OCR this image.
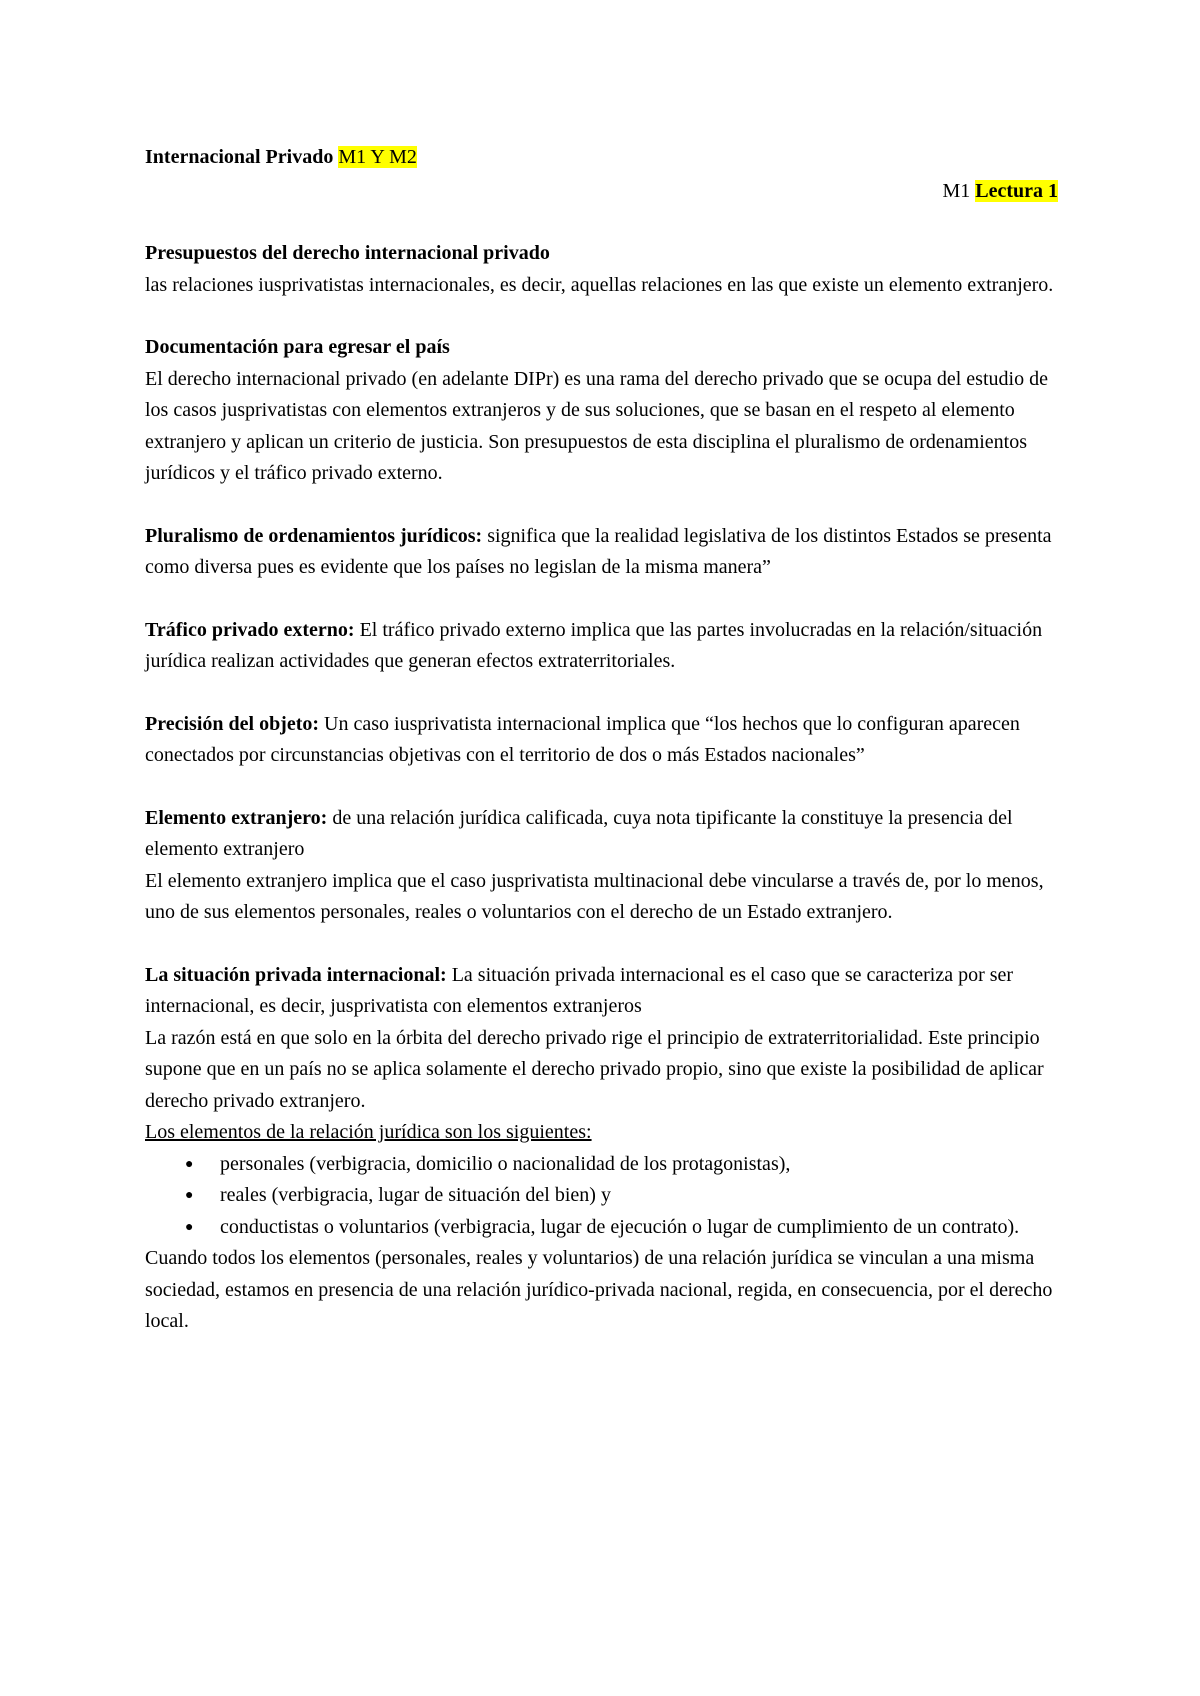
Internacional Privado M1 Y M2

M1 Lectura 1

Presupuestos del derecho internacional privado

las relaciones iusprivatistas internacionales, es decir, aquellas relaciones en las que existe un elemento extranjero.

Documentación para egresar el país

El derecho internacional privado (en adelante DIPr) es una rama del derecho privado que se ocupa del estudio de los casos jusprivatistas con elementos extranjeros y de sus soluciones, que se basan en el respeto al elemento extranjero y aplican un criterio de justicia. Son presupuestos de esta disciplina el pluralismo de ordenamientos jurídicos y el tráfico privado externo.

Pluralismo de ordenamientos jurídicos: significa que la realidad legislativa de los distintos Estados se presenta como diversa pues es evidente que los países no legislan de la misma manera”

Tráfico privado externo: El tráfico privado externo implica que las partes involucradas en la relación/situación jurídica realizan actividades que generan efectos extraterritoriales.

Precisión del objeto: Un caso iusprivatista internacional implica que “los hechos que lo configuran aparecen conectados por circunstancias objetivas con el territorio de dos o más Estados nacionales”

Elemento extranjero: de una relación jurídica calificada, cuya nota tipificante la constituye la presencia del elemento extranjero

El elemento extranjero implica que el caso jusprivatista multinacional debe vincularse a través de, por lo menos, uno de sus elementos personales, reales o voluntarios con el derecho de un Estado extranjero.

La situación privada internacional: La situación privada internacional es el caso que se caracteriza por ser internacional, es decir, jusprivatista con elementos extranjeros

La razón está en que solo en la órbita del derecho privado rige el principio de extraterritorialidad. Este principio supone que en un país no se aplica solamente el derecho privado propio, sino que existe la posibilidad de aplicar derecho privado extranjero.

Los elementos de la relación jurídica son los siguientes:

● personales (verbigracia, domicilio o nacionalidad de los protagonistas),
● reales (verbigracia, lugar de situación del bien) y
● conductistas o voluntarios (verbigracia, lugar de ejecución o lugar de cumplimiento de un contrato).

Cuando todos los elementos (personales, reales y voluntarios) de una relación jurídica se vinculan a una misma sociedad, estamos en presencia de una relación jurídico-privada nacional, regida, en consecuencia, por el derecho local.
